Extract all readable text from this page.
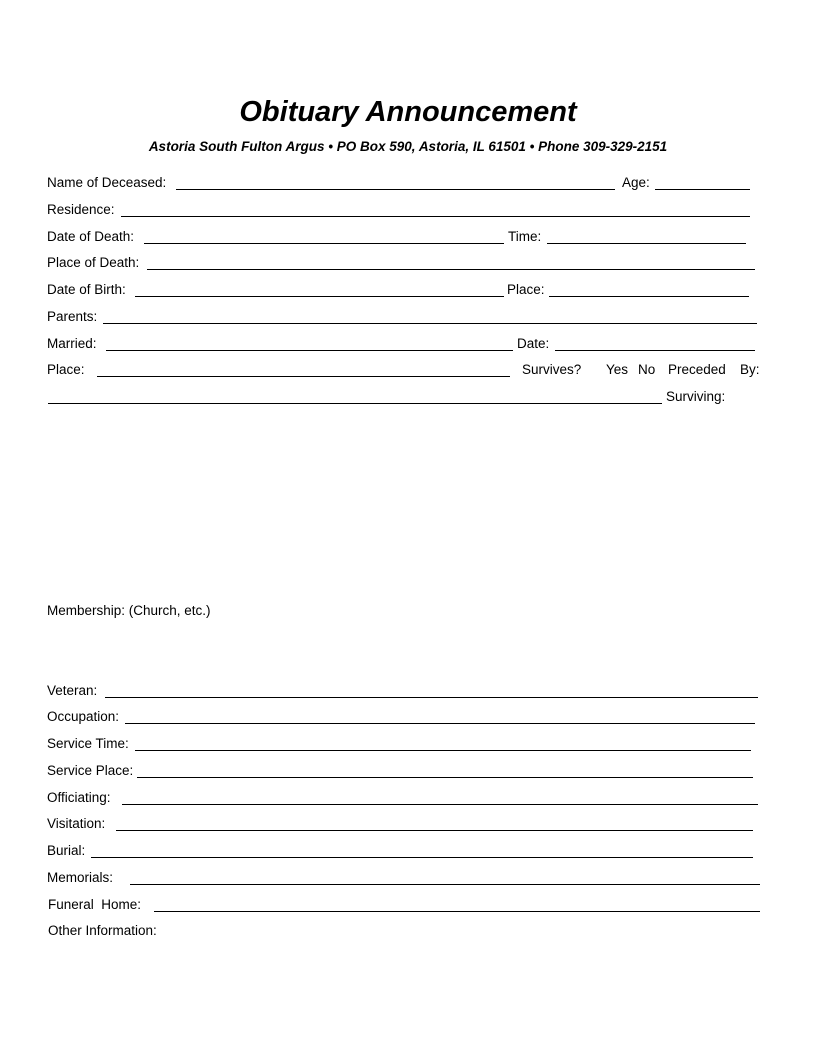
Obituary Announcement
Astoria South Fulton Argus • PO Box 590, Astoria, IL 61501 • Phone 309-329-2151
Name of Deceased:	Age:
Residence:
Date of Death:	Time:
Place of Death:
Date of Birth:	Place:
Parents:
Married:	Date:
Place:	Survives? Yes No Preceded By:
Surviving:
Membership: (Church, etc.)
Veteran:
Occupation:
Service Time:
Service Place:
Officiating:
Visitation:
Burial:
Memorials:
Funeral  Home:
Other Information:
